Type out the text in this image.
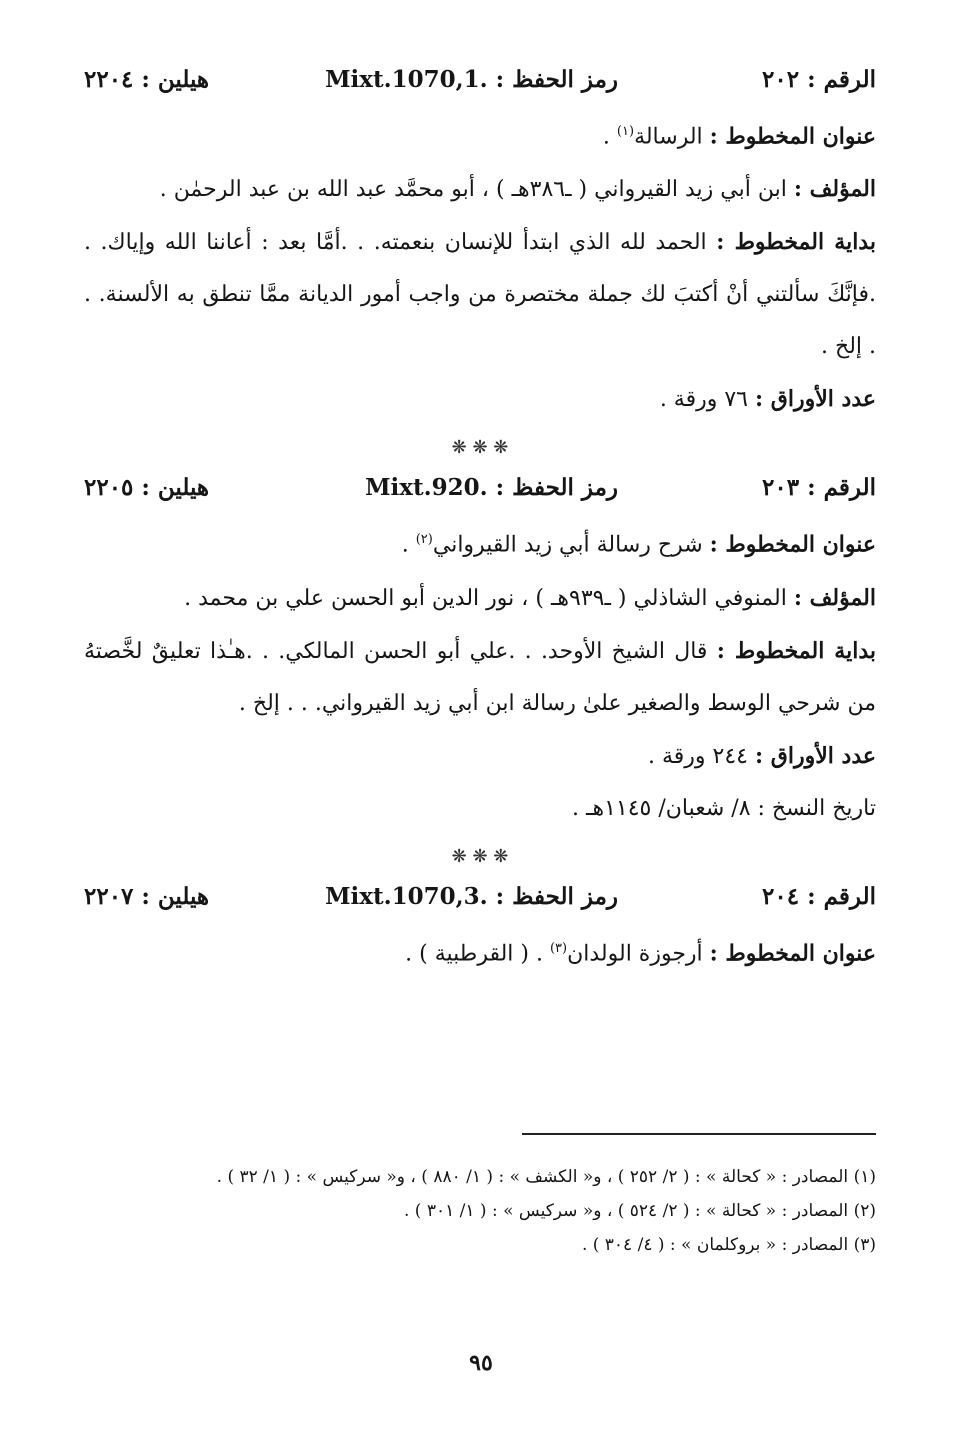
الرقم : ٢٠٢
رمز الحفظ : Mixt.1070,1.
هيلين : ٢٢٠٤
عنوان المخطوط : الرسالة$^{(١)}$ .

المؤلف : ابن أبي زيد القيرواني ( ـ٣٨٦هـ ) ، أبو محمَّد عبد الله بن عبد الرحمٰن .

بداية المخطوط : الحمد لله الذي ابتدأ للإنسان بنعمته. . .أمَّا بعد : أعاننا الله وإياك. . .فإنَّكَ سألتني أنْ أكتبَ لك جملة مختصرة من واجب أمور الديانة ممَّا تنطق به الألسنة. . . إلخ .

عدد الأوراق : ٧٦ ورقة .
❋ ❋ ❋
الرقم : ٢٠٣
رمز الحفظ : Mixt.920.
هيلين : ٢٢٠٥
عنوان المخطوط : شرح رسالة أبي زيد القيرواني$^{(٢)}$ .

المؤلف : المنوفي الشاذلي ( ـ٩٣٩هـ ) ، نور الدين أبو الحسن علي بن محمد .

بداية المخطوط : قال الشيخ الأوحد. . .علي أبو الحسن المالكي. . .هـٰذا تعليقٌ لخَّصتهُ من شرحي الوسط والصغير علىٰ رسالة ابن أبي زيد القيرواني. . . إلخ .

عدد الأوراق : ٢٤٤ ورقة .
تاريخ النسخ : ٨/ شعبان/ ١١٤٥هـ .
❋ ❋ ❋
الرقم : ٢٠٤
رمز الحفظ : Mixt.1070,3.
هيلين : ٢٢٠٧
عنوان المخطوط : أرجوزة الولدان$^{(٣)}$ . ( القرطبية ) .
(١) المصادر : « كحالة » : ( ٢/ ٢٥٢ ) ، و« الكشف » : ( ١/ ٨٨٠ ) ، و« سركيس » : ( ١/ ٣٢ ) .
(٢) المصادر : « كحالة » : ( ٢/ ٥٢٤ ) ، و« سركيس » : ( ١/ ٣٠١ ) .
(٣) المصادر : « بروكلمان » : ( ٤/ ٣٠٤ ) .
٩٥
